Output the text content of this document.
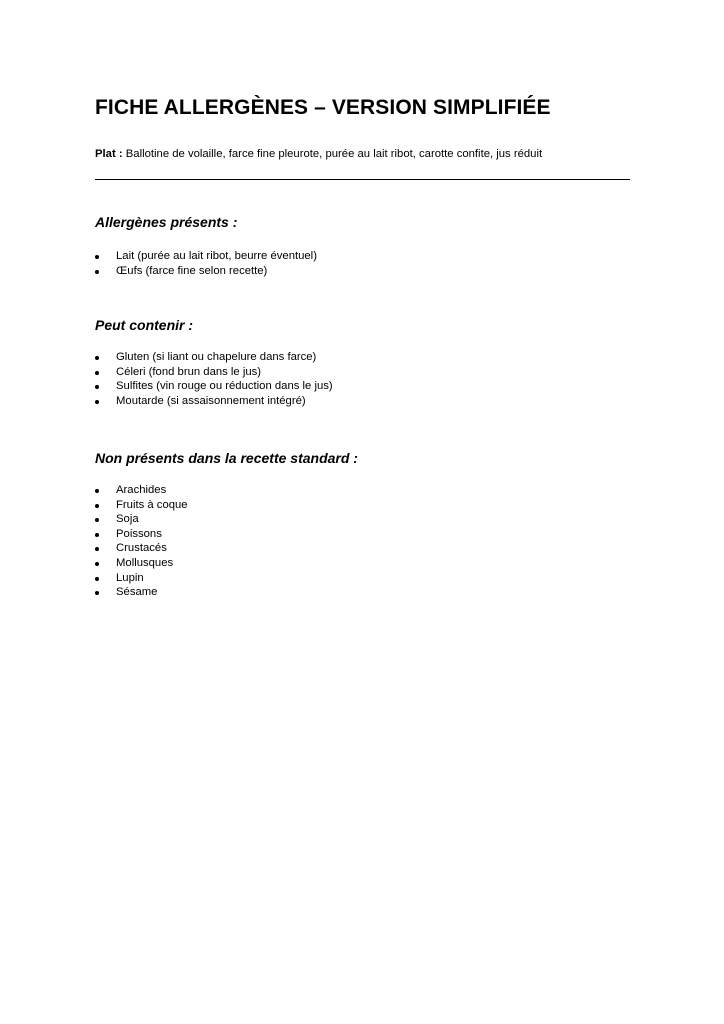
FICHE ALLERGÈNES – VERSION SIMPLIFIÉE

Plat : Ballotine de volaille, farce fine pleurote, purée au lait ribot, carotte confite, jus réduit

Allergènes présents :
Lait (purée au lait ribot, beurre éventuel)
Œufs (farce fine selon recette)
Peut contenir :
Gluten (si liant ou chapelure dans farce)
Céleri (fond brun dans le jus)
Sulfites (vin rouge ou réduction dans le jus)
Moutarde (si assaisonnement intégré)
Non présents dans la recette standard :
Arachides
Fruits à coque
Soja
Poissons
Crustacés
Mollusques
Lupin
Sésame
